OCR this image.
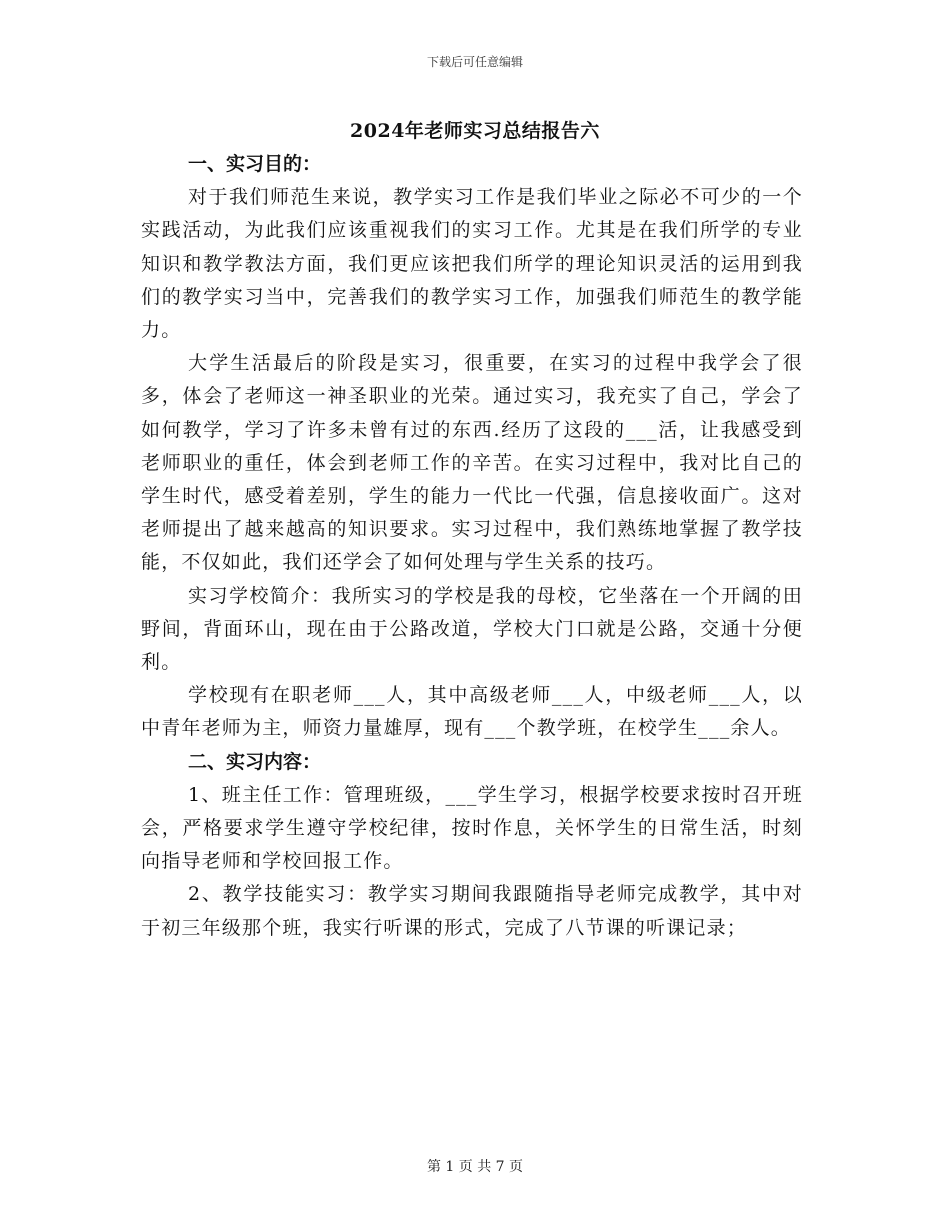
下载后可任意编辑
2024年老师实习总结报告六

一、实习目的：

对于我们师范生来说，教学实习工作是我们毕业之际必不可少的一个实践活动，为此我们应该重视我们的实习工作。尤其是在我们所学的专业知识和教学教法方面，我们更应该把我们所学的理论知识灵活的运用到我们的教学实习当中，完善我们的教学实习工作，加强我们师范生的教学能力。

大学生活最后的阶段是实习，很重要，在实习的过程中我学会了很多，体会了老师这一神圣职业的光荣。通过实习，我充实了自己，学会了如何教学，学习了许多未曾有过的东西.经历了这段的___活，让我感受到老师职业的重任，体会到老师工作的辛苦。在实习过程中，我对比自己的学生时代，感受着差别，学生的能力一代比一代强，信息接收面广。这对老师提出了越来越高的知识要求。实习过程中，我们熟练地掌握了教学技能，不仅如此，我们还学会了如何处理与学生关系的技巧。

实习学校简介：我所实习的学校是我的母校，它坐落在一个开阔的田野间，背面环山，现在由于公路改道，学校大门口就是公路，交通十分便利。

学校现有在职老师___人，其中高级老师___人，中级老师___人，以中青年老师为主，师资力量雄厚，现有___个教学班，在校学生___余人。

二、实习内容：

1、班主任工作：管理班级，___学生学习，根据学校要求按时召开班会，严格要求学生遵守学校纪律，按时作息，关怀学生的日常生活，时刻向指导老师和学校回报工作。

2、教学技能实习：教学实习期间我跟随指导老师完成教学，其中对于初三年级那个班，我实行听课的形式，完成了八节课的听课记录；

第 1 页 共 7 页
